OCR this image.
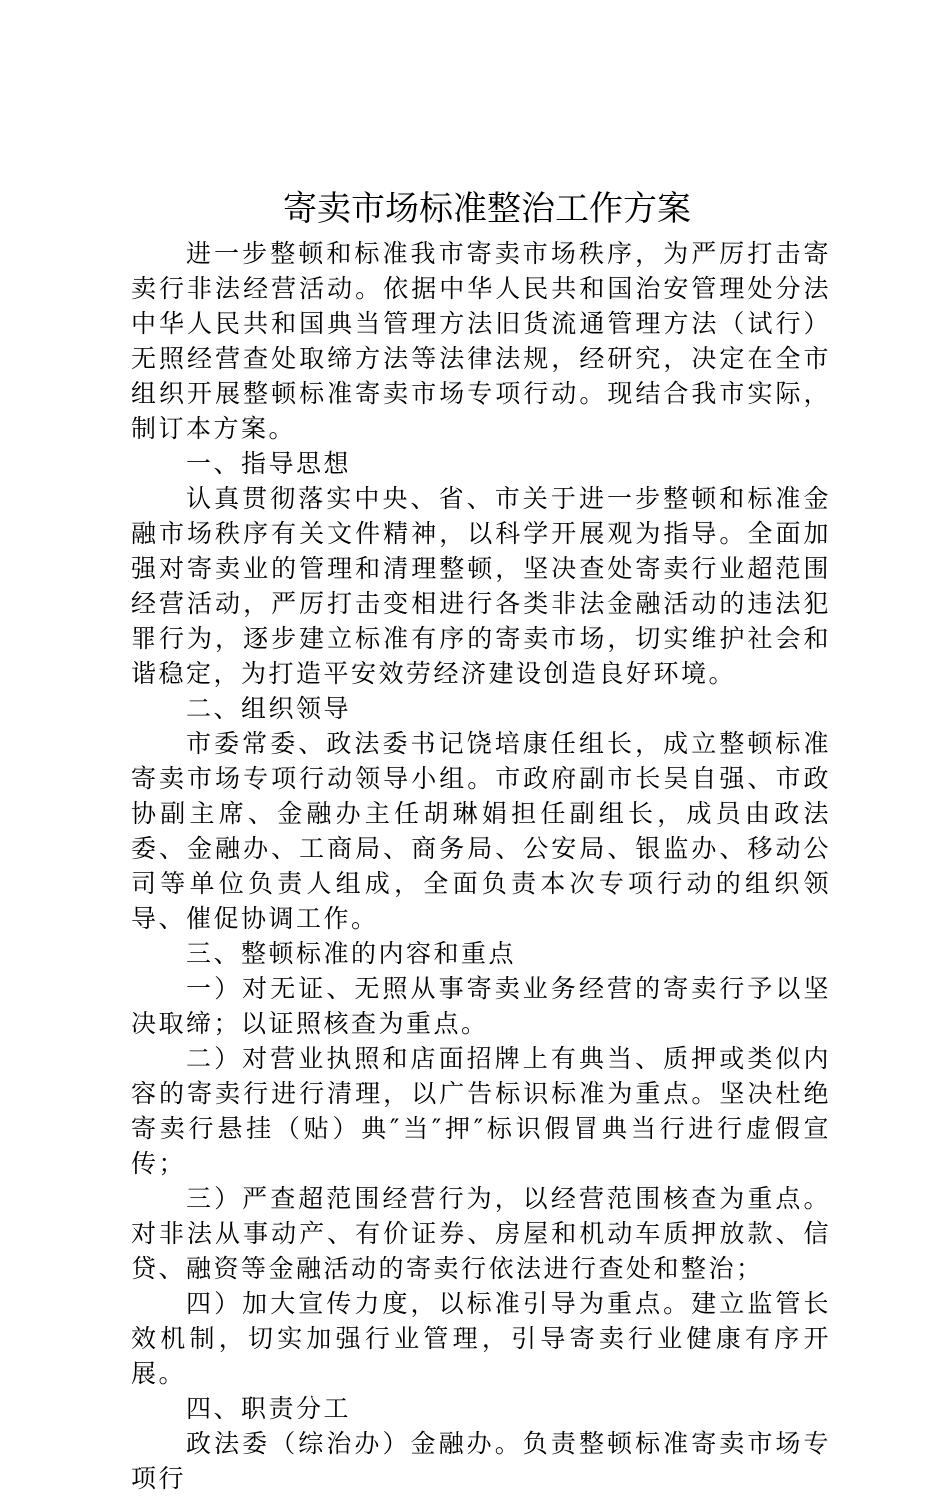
寄卖市场标准整治工作方案

进一步整顿和标准我市寄卖市场秩序，为严厉打击寄卖行非法经营活动。依据中华人民共和国治安管理处分法中华人民共和国典当管理方法旧货流通管理方法（试行）无照经营查处取缔方法等法律法规，经研究，决定在全市组织开展整顿标准寄卖市场专项行动。现结合我市实际，制订本方案。

一、指导思想

认真贯彻落实中央、省、市关于进一步整顿和标准金融市场秩序有关文件精神，以科学开展观为指导。全面加强对寄卖业的管理和清理整顿，坚决查处寄卖行业超范围经营活动，严厉打击变相进行各类非法金融活动的违法犯罪行为，逐步建立标准有序的寄卖市场，切实维护社会和谐稳定，为打造平安效劳经济建设创造良好环境。

二、组织领导

市委常委、政法委书记饶培康任组长，成立整顿标准寄卖市场专项行动领导小组。市政府副市长吴自强、市政协副主席、金融办主任胡琳娟担任副组长，成员由政法委、金融办、工商局、商务局、公安局、银监办、移动公司等单位负责人组成，全面负责本次专项行动的组织领导、催促协调工作。

三、整顿标准的内容和重点

一）对无证、无照从事寄卖业务经营的寄卖行予以坚决取缔；以证照核查为重点。

二）对营业执照和店面招牌上有典当、质押或类似内容的寄卖行进行清理，以广告标识标准为重点。坚决杜绝寄卖行悬挂（贴）典″当″押″标识假冒典当行进行虚假宣传；

三）严查超范围经营行为，以经营范围核查为重点。对非法从事动产、有价证券、房屋和机动车质押放款、信贷、融资等金融活动的寄卖行依法进行查处和整治；

四）加大宣传力度，以标准引导为重点。建立监管长效机制，切实加强行业管理，引导寄卖行业健康有序开展。

四、职责分工

政法委（综治办）金融办。负责整顿标准寄卖市场专项行
